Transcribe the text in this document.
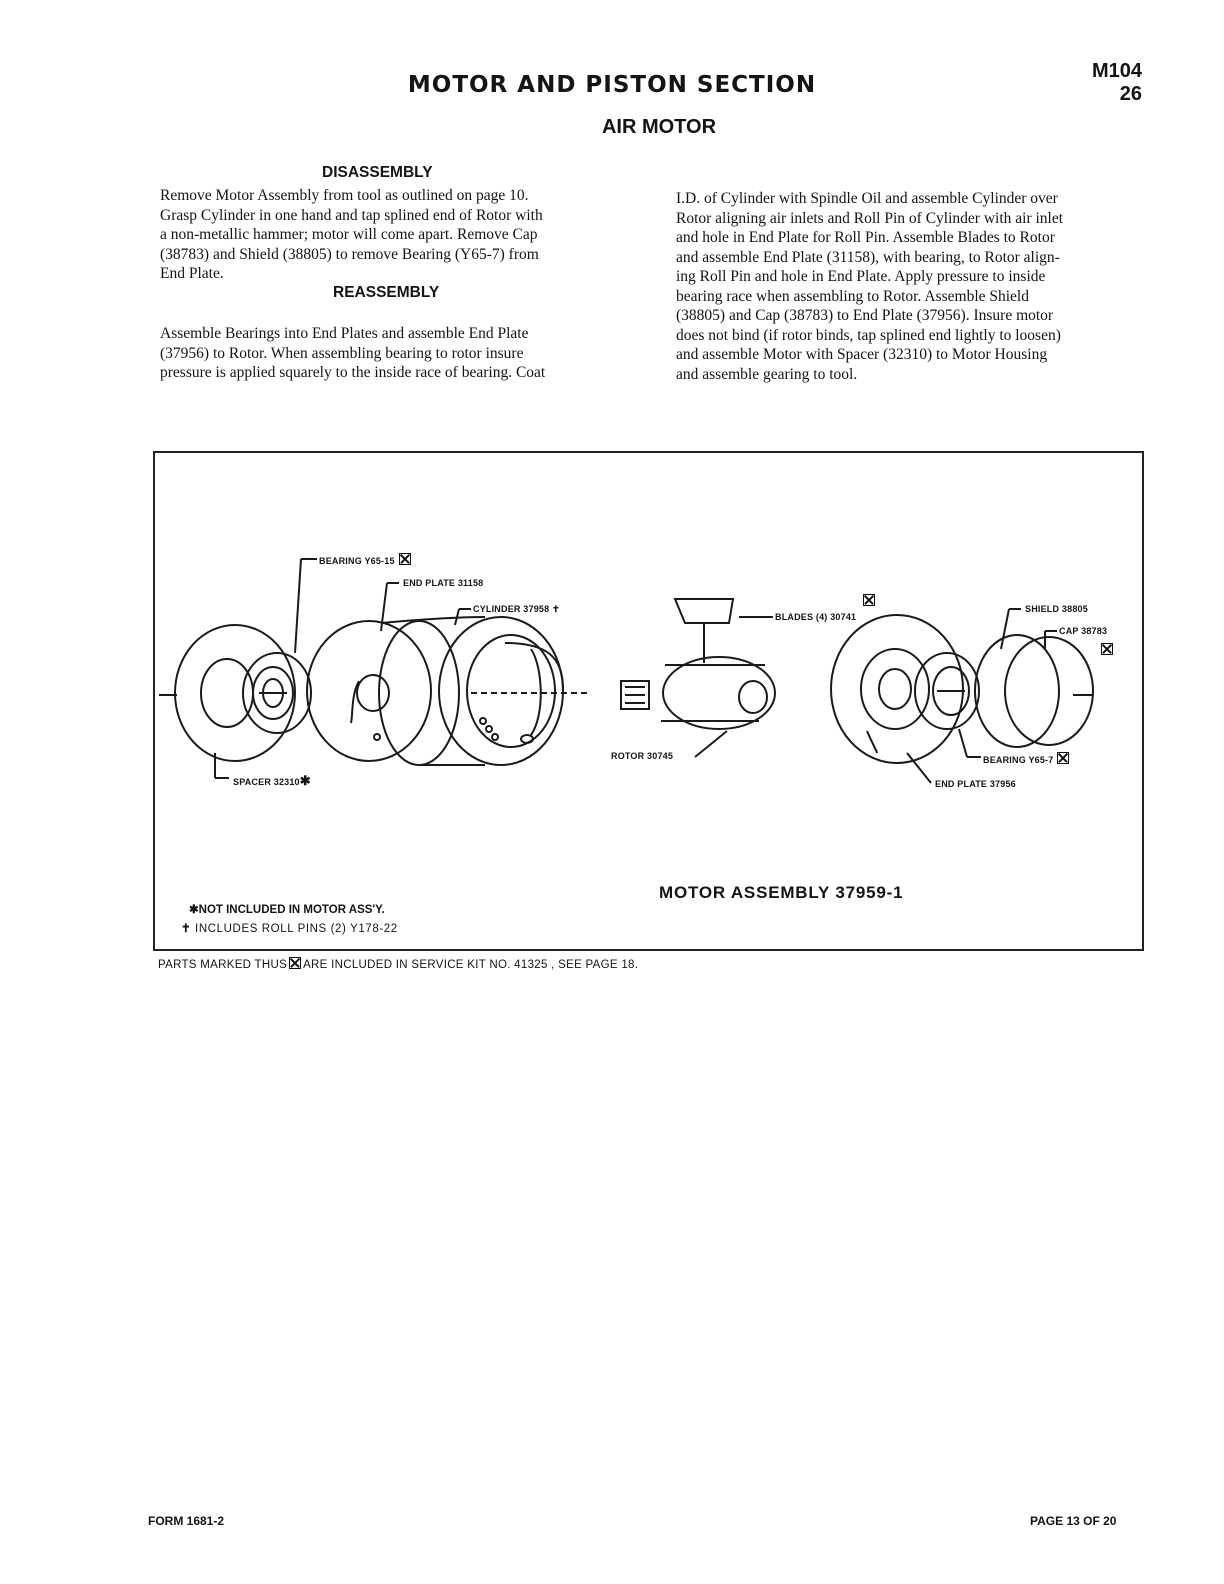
MOTOR AND PISTON SECTION
AIR MOTOR
M104
26
DISASSEMBLY
Remove Motor Assembly from tool as outlined on page 10.
Grasp Cylinder in one hand and tap splined end of Rotor with
a non-metallic hammer; motor will come apart. Remove Cap
(38783) and Shield (38805) to remove Bearing (Y65-7) from
End Plate.
REASSEMBLY
Assemble Bearings into End Plates and assemble End Plate
(37956) to Rotor. When assembling bearing to rotor insure
pressure is applied squarely to the inside race of bearing. Coat
I.D. of Cylinder with Spindle Oil and assemble Cylinder over
Rotor aligning air inlets and Roll Pin of Cylinder with air inlet
and hole in End Plate for Roll Pin. Assemble Blades to Rotor
and assemble End Plate (31158), with bearing, to Rotor align-
ing Roll Pin and hole in End Plate. Apply pressure to inside
bearing race when assembling to Rotor. Assemble Shield
(38805) and Cap (38783) to End Plate (37956). Insure motor
does not bind (if rotor binds, tap splined end lightly to loosen)
and assemble Motor with Spacer (32310) to Motor Housing
and assemble gearing to tool.
BEARING Y65-15
END PLATE 31158
CYLINDER 37958 ✝
SPACER 32310✱
BLADES (4) 30741
ROTOR 30745
SHIELD 38805
CAP 38783
BEARING Y65-7
END PLATE 37956
MOTOR ASSEMBLY 37959-1
✱NOT INCLUDED IN MOTOR ASS'Y.
✝ INCLUDES ROLL PINS (2) Y178-22
PARTS MARKED THUS ARE INCLUDED IN SERVICE KIT NO. 41325 , SEE PAGE 18.
FORM 1681-2	PAGE 13 OF 20
